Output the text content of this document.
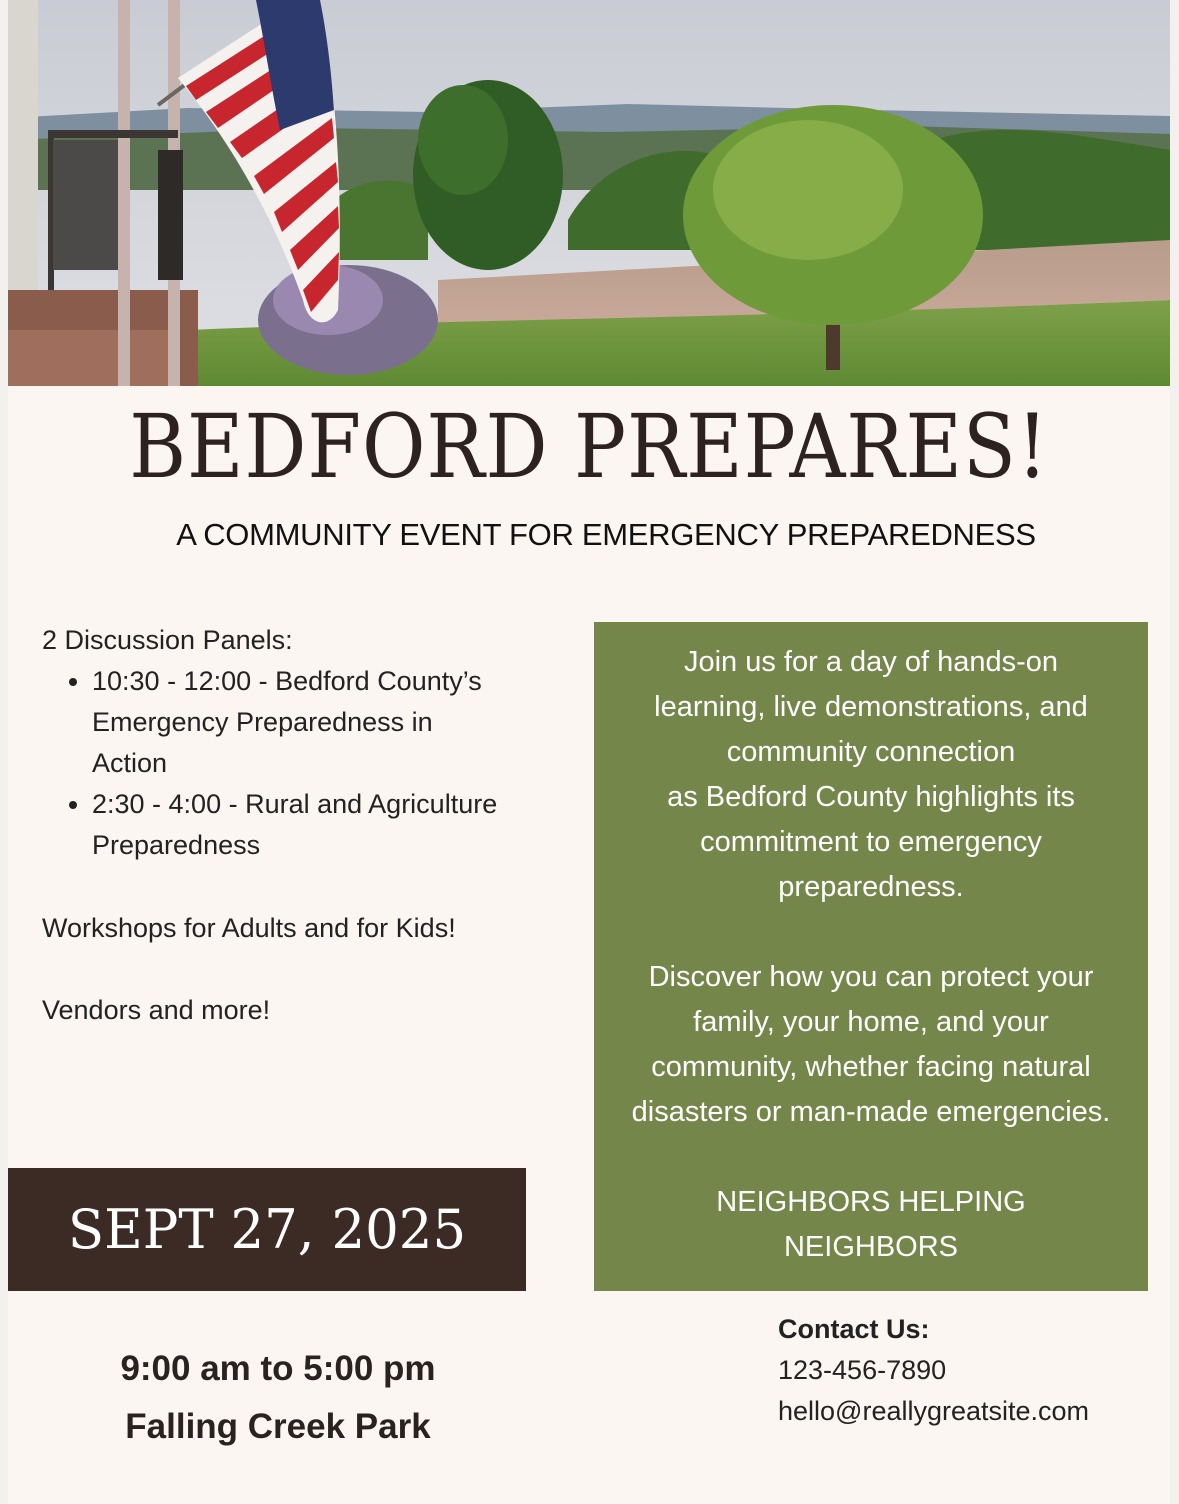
BEDFORD PREPARES!
A COMMUNITY EVENT FOR EMERGENCY PREPAREDNESS

2 Discussion Panels:

• 10:30 - 12:00 - Bedford County’s
Emergency Preparedness in
Action
• 2:30 - 4:00 - Rural and Agriculture
Preparedness

Workshops for Adults and for Kids!

Vendors and more!

Join us for a day of hands-on

learning, live demonstrations, and

community connection

as Bedford County highlights its

commitment to emergency

preparedness.

Discover how you can protect your

family, your home, and your

community, whether facing natural

disasters or man-made emergencies.

NEIGHBORS HELPING

NEIGHBORS

SEPT 27, 2025

9:00 am to 5:00 pm

Falling Creek Park

Contact Us:

123-456-7890

hello@reallygreatsite.com
